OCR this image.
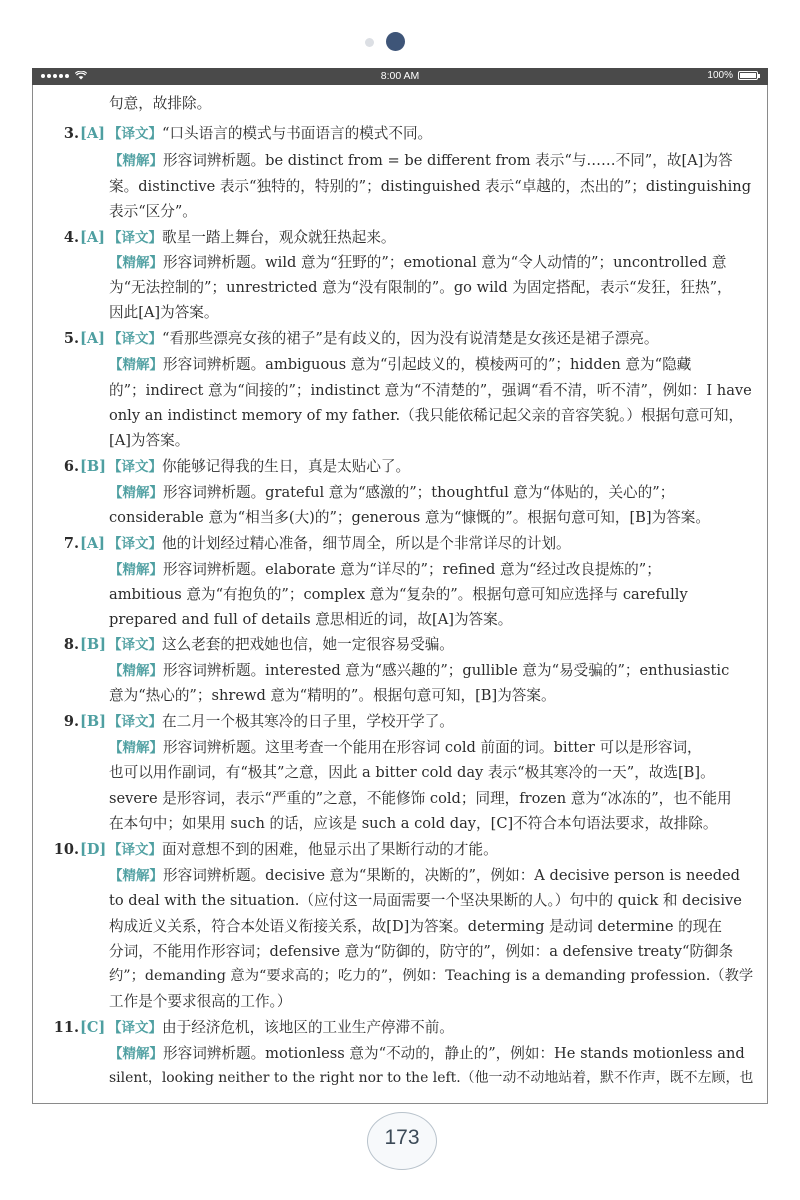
8:00 AM	100%
句意，故排除。
3. [A] 【译文】“口头语言的模式与书面语言的模式不同。
【精解】形容词辨析题。be distinct from = be different from 表示“与……不同”，故[A]为答
案。distinctive 表示“独特的，特别的”；distinguished 表示“卓越的，杰出的”；distinguishing
表示“区分”。
4. [A] 【译文】歌星一踏上舞台，观众就狂热起来。
【精解】形容词辨析题。wild 意为“狂野的”；emotional 意为“令人动情的”；uncontrolled 意
为“无法控制的”；unrestricted 意为“没有限制的”。go wild 为固定搭配，表示“发狂，狂热”，
因此[A]为答案。
5. [A] 【译文】“看那些漂亮女孩的裙子”是有歧义的，因为没有说清楚是女孩还是裙子漂亮。
【精解】形容词辨析题。ambiguous 意为“引起歧义的，模棱两可的”；hidden 意为“隐藏
的”；indirect 意为“间接的”；indistinct 意为“不清楚的”，强调“看不清，听不清”，例如：I have
only an indistinct memory of my father.（我只能依稀记起父亲的音容笑貌。）根据句意可知，
[A]为答案。
6. [B] 【译文】你能够记得我的生日，真是太贴心了。
【精解】形容词辨析题。grateful 意为“感激的”；thoughtful 意为“体贴的，关心的”；
considerable 意为“相当多(大)的”；generous 意为“慷慨的”。根据句意可知，[B]为答案。
7. [A] 【译文】他的计划经过精心准备，细节周全，所以是个非常详尽的计划。
【精解】形容词辨析题。elaborate 意为“详尽的”；refined 意为“经过改良提炼的”；
ambitious 意为“有抱负的”；complex 意为“复杂的”。根据句意可知应选择与 carefully
prepared and full of details 意思相近的词，故[A]为答案。
8. [B] 【译文】这么老套的把戏她也信，她一定很容易受骗。
【精解】形容词辨析题。interested 意为“感兴趣的”；gullible 意为“易受骗的”；enthusiastic
意为“热心的”；shrewd 意为“精明的”。根据句意可知，[B]为答案。
9. [B] 【译文】在二月一个极其寒冷的日子里，学校开学了。
【精解】形容词辨析题。这里考查一个能用在形容词 cold 前面的词。bitter 可以是形容词，
也可以用作副词，有“极其”之意，因此 a bitter cold day 表示“极其寒冷的一天”，故选[B]。
severe 是形容词，表示“严重的”之意，不能修饰 cold；同理，frozen 意为“冰冻的”，也不能用
在本句中；如果用 such 的话，应该是 such a cold day，[C]不符合本句语法要求，故排除。
10. [D] 【译文】面对意想不到的困难，他显示出了果断行动的才能。
【精解】形容词辨析题。decisive 意为“果断的，决断的”，例如：A decisive person is needed
to deal with the situation.（应付这一局面需要一个坚决果断的人。）句中的 quick 和 decisive
构成近义关系，符合本处语义衔接关系，故[D]为答案。determing 是动词 determine 的现在
分词，不能用作形容词；defensive 意为“防御的，防守的”，例如：a defensive treaty“防御条
约”；demanding 意为“要求高的；吃力的”，例如：Teaching is a demanding profession.（教学
工作是个要求很高的工作。）
11. [C] 【译文】由于经济危机，该地区的工业生产停滞不前。
【精解】形容词辨析题。motionless 意为“不动的，静止的”，例如：He stands motionless and
silent，looking neither to the right nor to the left.（他一动不动地站着，默不作声，既不左顾，也
173
